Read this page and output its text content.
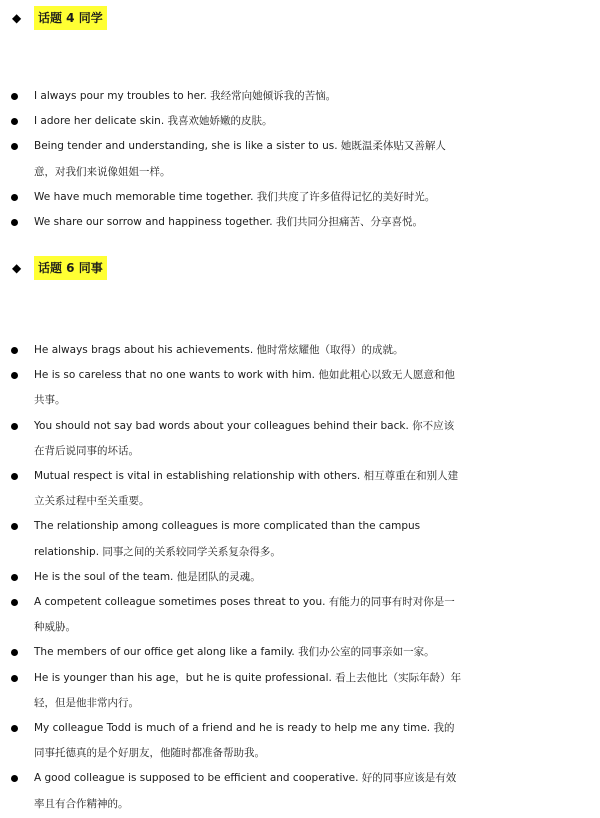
◆	话题 4 同学
I always pour my troubles to her. 我经常向她倾诉我的苦恼。
I adore her delicate skin. 我喜欢她娇嫩的皮肤。
Being tender and understanding, she is like a sister to us. 她既温柔体贴又善解人意，对我们来说像姐姐一样。
We have much memorable time together. 我们共度了许多值得记忆的美好时光。
We share our sorrow and happiness together. 我们共同分担痛苦、分享喜悦。
◆	话题 6 同事
He always brags about his achievements. 他时常炫耀他（取得）的成就。
He is so careless that no one wants to work with him. 他如此粗心以致无人愿意和他共事。
You should not say bad words about your colleagues behind their back. 你不应该在背后说同事的坏话。
Mutual respect is vital in establishing relationship with others. 相互尊重在和别人建立关系过程中至关重要。
The relationship among colleagues is more complicated than the campus relationship. 同事之间的关系较同学关系复杂得多。
He is the soul of the team. 他是团队的灵魂。
A competent colleague sometimes poses threat to you. 有能力的同事有时对你是一种威胁。
The members of our office get along like a family. 我们办公室的同事亲如一家。
He is younger than his age，but he is quite professional. 看上去他比（实际年龄）年轻，但是他非常内行。
My colleague Todd is much of a friend and he is ready to help me any time. 我的同事托德真的是个好朋友，他随时都准备帮助我。
A good colleague is supposed to be efficient and cooperative. 好的同事应该是有效率且有合作精神的。
